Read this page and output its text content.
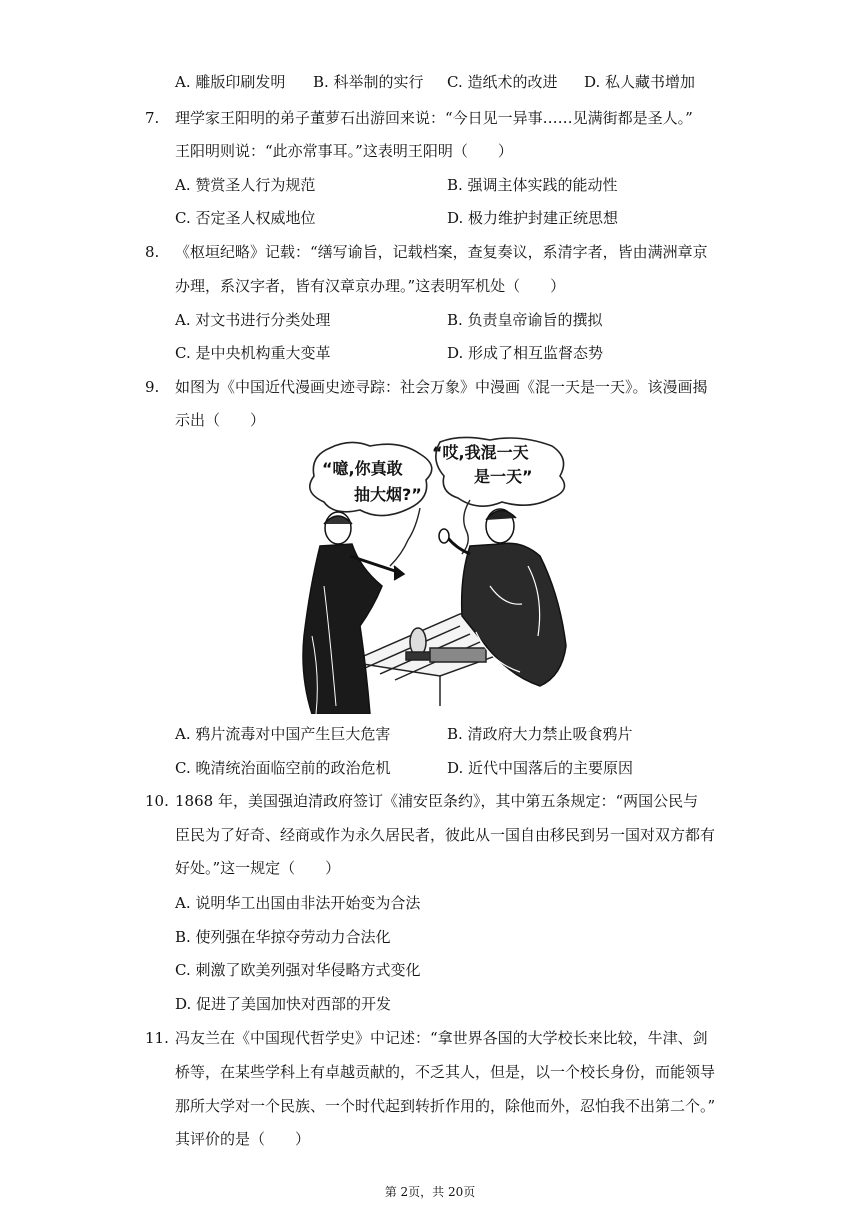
A. 雕版印刷发明 B. 科举制的实行 C. 造纸术的改进 D. 私人藏书增加
7. 理学家王阳明的弟子董萝石出游回来说：“今日见一异事……见满街都是圣人。”
王阳明则说：“此亦常事耳。”这表明王阳明（　　）
A. 赞赏圣人行为规范	B. 强调主体实践的能动性
C. 否定圣人权威地位	D. 极力维护封建正统思想
8. 《枢垣纪略》记载：“缮写谕旨，记载档案，查复奏议，系清字者，皆由满洲章京
办理，系汉字者，皆有汉章京办理。”这表明军机处（　　）
A. 对文书进行分类处理	B. 负责皇帝谕旨的撰拟
C. 是中央机构重大变革	D. 形成了相互监督态势
9. 如图为《中国近代漫画史迹寻踪：社会万象》中漫画《混一天是一天》。该漫画揭
示出（　　）
“噫,你真敢
抽大烟?”
“哎,我混一天
是一天”
A. 鸦片流毒对中国产生巨大危害	B. 清政府大力禁止吸食鸦片
C. 晚清统治面临空前的政治危机	D. 近代中国落后的主要原因
10. 1868 年，美国强迫清政府签订《浦安臣条约》，其中第五条规定：“两国公民与
臣民为了好奇、经商或作为永久居民者，彼此从一国自由移民到另一国对双方都有
好处。”这一规定（　　）
A. 说明华工出国由非法开始变为合法
B. 使列强在华掠夺劳动力合法化
C. 刺激了欧美列强对华侵略方式变化
D. 促进了美国加快对西部的开发
11. 冯友兰在《中国现代哲学史》中记述：“拿世界各国的大学校长来比较，牛津、剑
桥等，在某些学科上有卓越贡献的，不乏其人，但是，以一个校长身份，而能领导
那所大学对一个民族、一个时代起到转折作用的，除他而外，忍怕我不出第二个。”
其评价的是（　　）
第 2页，共 20页
